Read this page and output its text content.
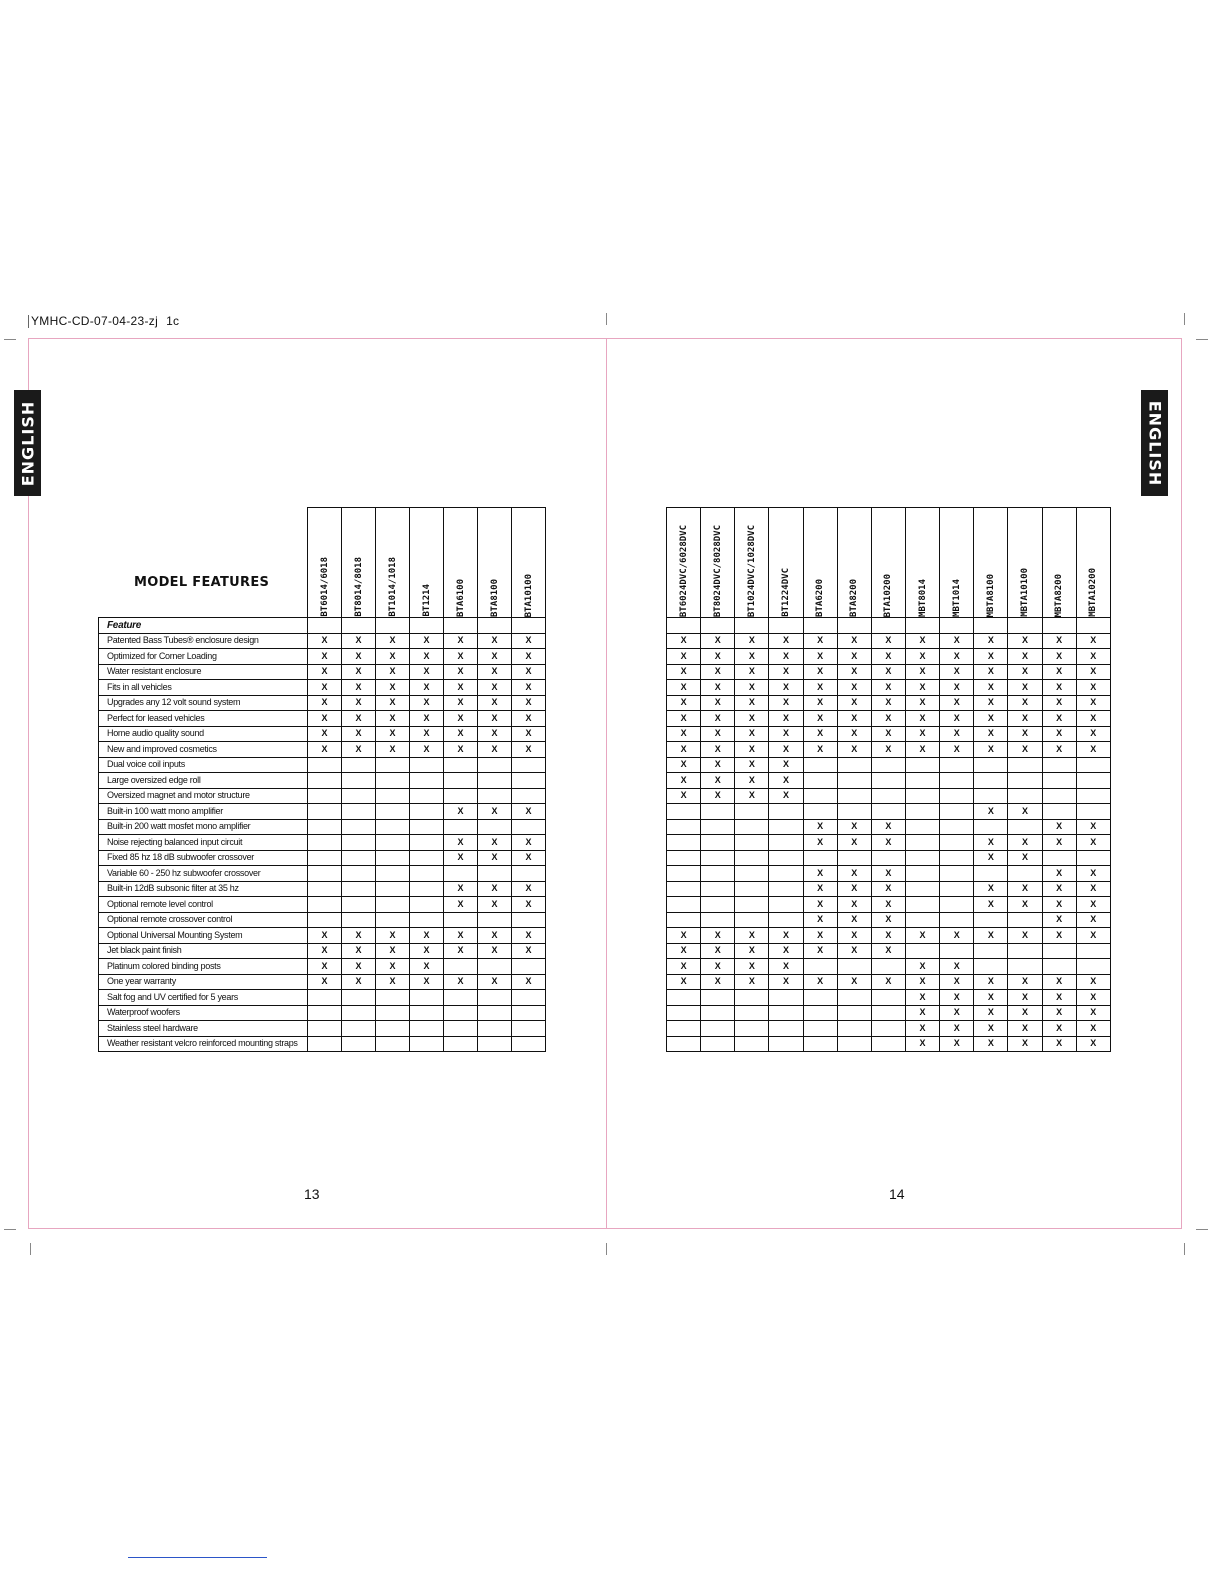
YMHC-CD-07-04-23-zj 1c
ENGLISH	ENGLISH
MODEL FEATURES

	BT6014/6018	BT8014/8018	BT1014/1018	BT1214	BTA6100	BTA8100	BTA10100

Feature							
Patented Bass Tubes® enclosure design	X	X	X	X	X	X	X
Optimized for Corner Loading	X	X	X	X	X	X	X
Water resistant enclosure	X	X	X	X	X	X	X
Fits in all vehicles	X	X	X	X	X	X	X
Upgrades any 12 volt sound system	X	X	X	X	X	X	X
Perfect for leased vehicles	X	X	X	X	X	X	X
Home audio quality sound	X	X	X	X	X	X	X
New and improved cosmetics	X	X	X	X	X	X	X
Dual voice coil inputs							
Large oversized edge roll							
Oversized magnet and motor structure							
Built-in 100 watt mono amplifier					X	X	X
Built-in 200 watt mosfet mono amplifier							
Noise rejecting balanced input circuit					X	X	X
Fixed 85 hz 18 dB subwoofer crossover					X	X	X
Variable 60 - 250 hz subwoofer crossover							
Built-in 12dB subsonic filter at 35 hz					X	X	X
Optional remote level control					X	X	X
Optional remote crossover control							
Optional Universal Mounting System	X	X	X	X	X	X	X
Jet black paint finish	X	X	X	X	X	X	X
Platinum colored binding posts	X	X	X	X			
One year warranty	X	X	X	X	X	X	X
Salt fog and UV certified for 5 years							
Waterproof woofers							
Stainless steel hardware							
Weather resistant velcro reinforced mounting straps							
BT6024DVC/6028DVC	BT8024DVC/8028DVC	BT1024DVC/1028DVC	BT1224DVC	BTA6200	BTA8200	BTA10200	MBT8014	MBT1014	MBTA8100	MBTA10100	MBTA8200	MBTA10200

X	X	X	X	X	X	X	X	X	X	X	X	X
X	X	X	X	X	X	X	X	X	X	X	X	X
X	X	X	X	X	X	X	X	X	X	X	X	X
X	X	X	X	X	X	X	X	X	X	X	X	X
X	X	X	X	X	X	X	X	X	X	X	X	X
X	X	X	X	X	X	X	X	X	X	X	X	X
X	X	X	X	X	X	X	X	X	X	X	X	X
X	X	X	X	X	X	X	X	X	X	X	X	X
X	X	X	X									
X	X	X	X									
X	X	X	X									
									X	X		
				X	X	X					X	X
				X	X	X			X	X	X	X
									X	X		
				X	X	X					X	X
				X	X	X			X	X	X	X
				X	X	X			X	X	X	X
				X	X	X					X	X
X	X	X	X	X	X	X	X	X	X	X	X	X
X	X	X	X	X	X	X						
X	X	X	X				X	X				
X	X	X	X	X	X	X	X	X	X	X	X	X
							X	X	X	X	X	X
							X	X	X	X	X	X
							X	X	X	X	X	X
							X	X	X	X	X	X
13	14
